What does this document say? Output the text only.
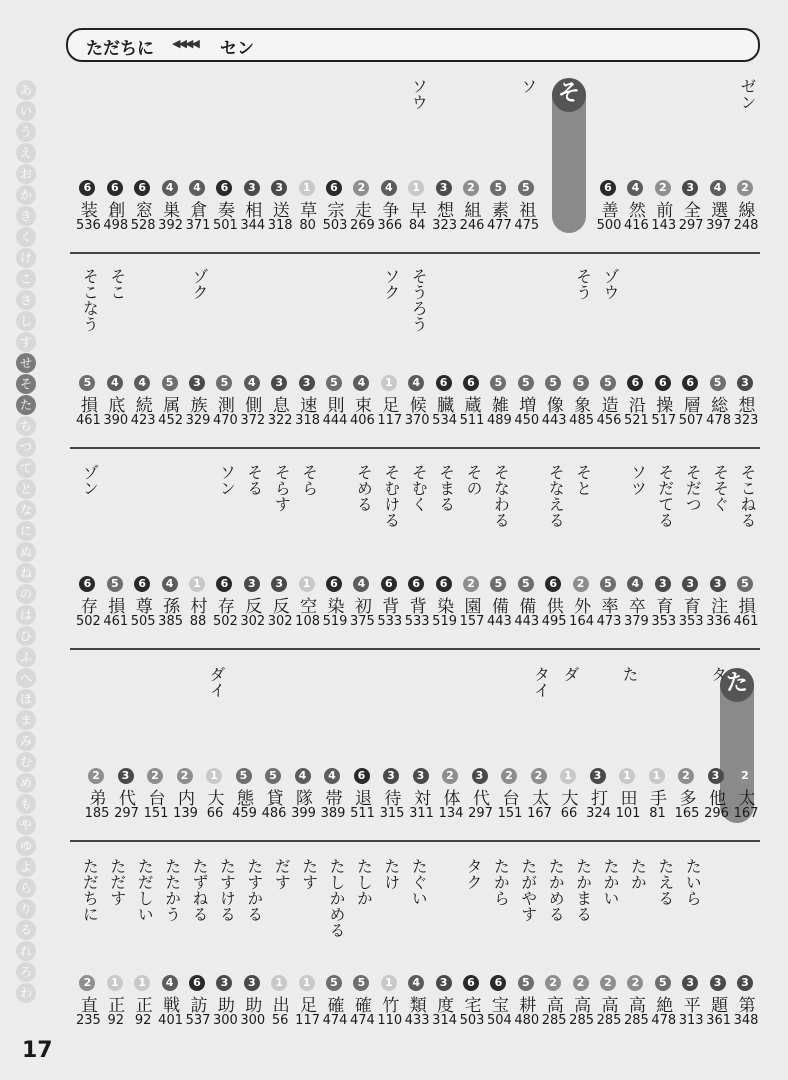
あ
い
う
え
お
か
き
く
け
こ
さ
し
す
せ
そ
た
ち
つ
て
と
な
に
ぬ
ね
の
は
ひ
ふ
へ
ほ
ま
み
む
め
も
や
ゆ
よ
ら
り
る
れ
ろ
わ
ただちに ◀◀◀◀ セン
そ
た
ゼン
2
線
248
4
選
397
3
全
297
2
前
143
4
然
416
6
善
500
ソ
5
祖
475
5
素
477
2
組
246
3
想
323
ソウ
1
早
84
4
争
366
2
走
269
6
宗
503
1
草
80
3
送
318
3
相
344
6
奏
501
4
倉
371
4
巣
392
6
窓
528
6
創
498
6
装
536
3
想
323
5
総
478
6
層
507
6
操
517
6
沿
521
ゾウ
5
造
456
そう
5
象
485
5
像
443
5
増
450
5
雑
489
6
蔵
511
6
臓
534
そうろう
4
候
370
ソク
1
足
117
4
束
406
5
則
444
3
速
318
3
息
322
4
側
372
5
測
470
ゾク
3
族
329
5
属
452
4
続
423
そこ
4
底
390
そこなう
5
損
461
そこねる
5
損
461
そそぐ
3
注
336
そだつ
3
育
353
そだてる
3
育
353
ソツ
4
卒
379
5
率
473
そと
2
外
164
そなえる
6
供
495
5
備
443
そなわる
5
備
443
その
2
園
157
そまる
6
染
519
そむく
6
背
533
そむける
6
背
533
そめる
4
初
375
6
染
519
そら
1
空
108
そらす
3
反
302
そる
3
反
302
ソン
6
存
502
1
村
88
4
孫
385
6
尊
505
5
損
461
ゾン
6
存
502
2
太
167
タ
3
他
296
2
多
165
1
手
81
た
1
田
101
3
打
324
ダ
1
大
66
タイ
2
太
167
2
台
151
3
代
297
2
体
134
3
対
311
3
待
315
6
退
511
4
帯
389
4
隊
399
5
貸
486
5
態
459
ダイ
1
大
66
2
内
139
2
台
151
3
代
297
2
弟
185
3
第
348
3
題
361
たいら
3
平
313
たえる
5
絶
478
たか
2
高
285
たかい
2
高
285
たかまる
2
高
285
たかめる
2
高
285
たがやす
5
耕
480
たから
6
宝
504
タク
6
宅
503
3
度
314
たぐい
4
類
433
たけ
1
竹
110
たしか
5
確
474
たしかめる
5
確
474
たす
1
足
117
だす
1
出
56
たすかる
3
助
300
たすける
3
助
300
たずねる
6
訪
537
たたかう
4
戦
401
ただしい
1
正
92
ただす
1
正
92
ただちに
2
直
235
17
